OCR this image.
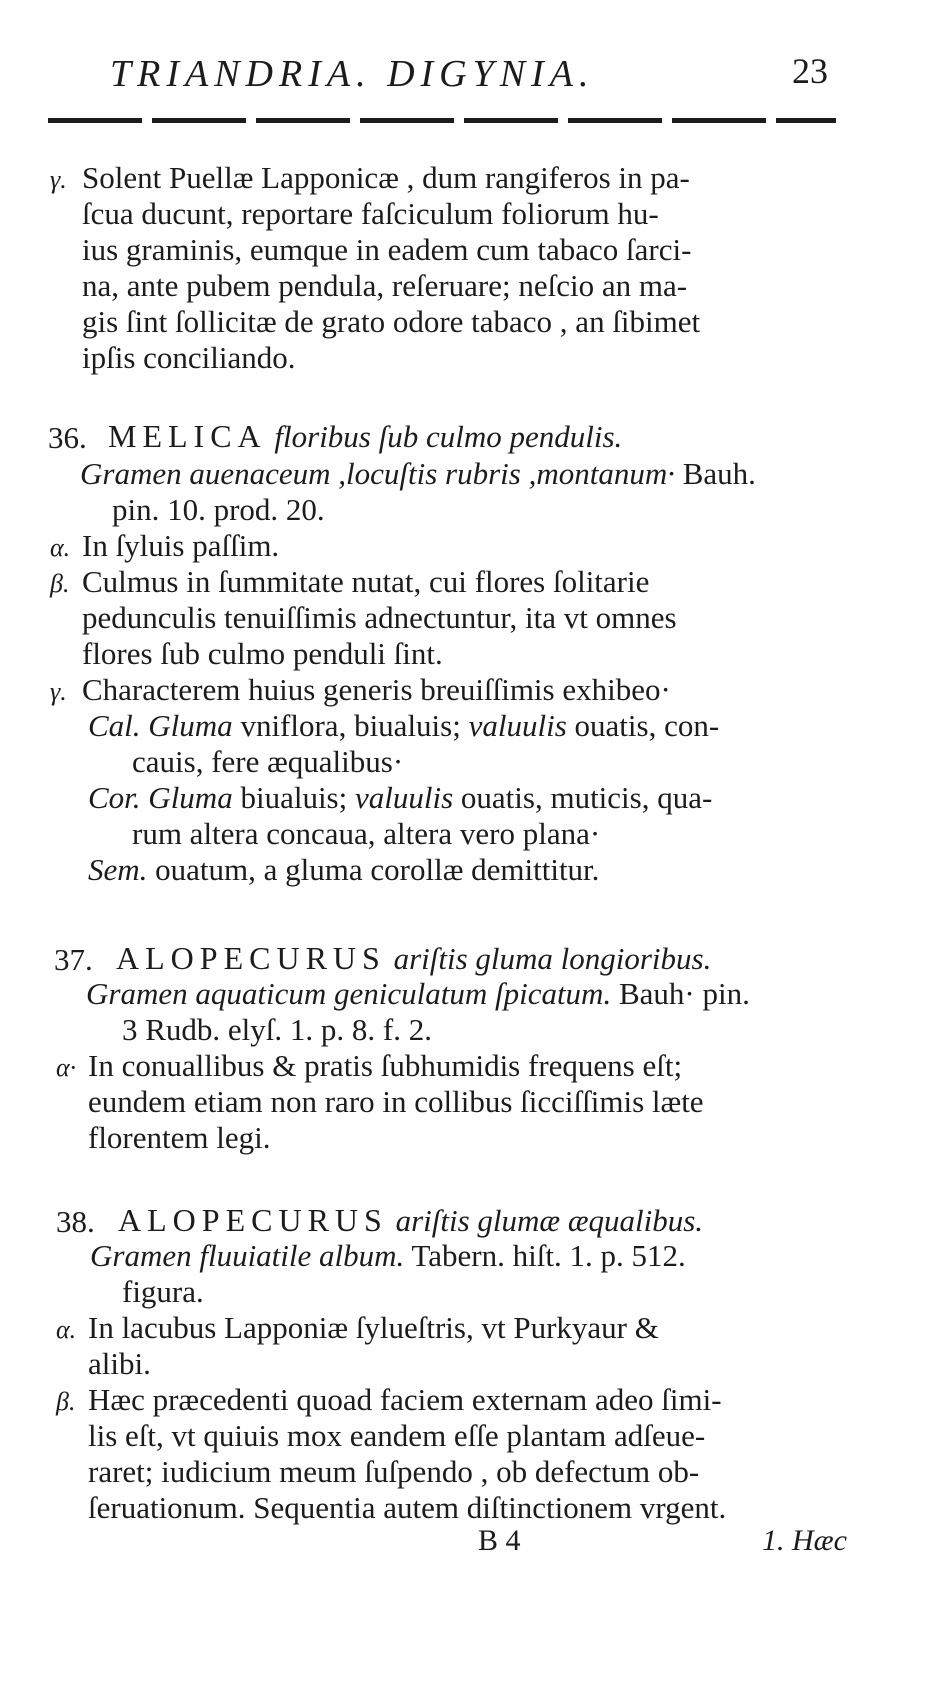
TRIANDRIA. DIGYNIA.	23
γ. Solent Puellæ Lapponicæ , dum rangiferos in pa-
ſcua ducunt, reportare faſciculum foliorum hu-
ius graminis, eumque in eadem cum tabaco ſarci-
na, ante pubem pendula, reſeruare; neſcio an ma-
gis ſint ſollicitæ de grato odore tabaco , an ſibimet
ipſis conciliando.
36. MELICA floribus ſub culmo pendulis.
Gramen auenaceum ,locuſtis rubris ,montanum· Bauh.
pin. 10. prod. 20.
α. In ſyluis paſſim.
β. Culmus in ſummitate nutat, cui flores ſolitarie
pedunculis tenuiſſimis adnectuntur, ita vt omnes
flores ſub culmo penduli ſint.
γ. Characterem huius generis breuiſſimis exhibeo·
Cal. Gluma vniflora, biualuis; valuulis ouatis, con-
cauis, fere æqualibus·
Cor. Gluma biualuis; valuulis ouatis, muticis, qua-
rum altera concaua, altera vero plana·
Sem. ouatum, a gluma corollæ demittitur.
37. ALOPECURUS ariſtis gluma longioribus.
Gramen aquaticum geniculatum ſpicatum. Bauh· pin.
3 Rudb. elyſ. 1. p. 8. f. 2.
α· In conuallibus & pratis ſubhumidis frequens eſt;
eundem etiam non raro in collibus ſicciſſimis læte
florentem legi.
38. ALOPECURUS ariſtis glumæ æqualibus.
Gramen fluuiatile album. Tabern. hiſt. 1. p. 512.
figura.
α. In lacubus Lapponiæ ſylueſtris, vt Purkyaur &
alibi.
β. Hæc præcedenti quoad faciem externam adeo ſimi-
lis eſt, vt quiuis mox eandem eſſe plantam adſeue-
raret; iudicium meum ſuſpendo , ob defectum ob-
ſeruationum. Sequentia autem diſtinctionem vrgent.
B 4	1. Hæc
